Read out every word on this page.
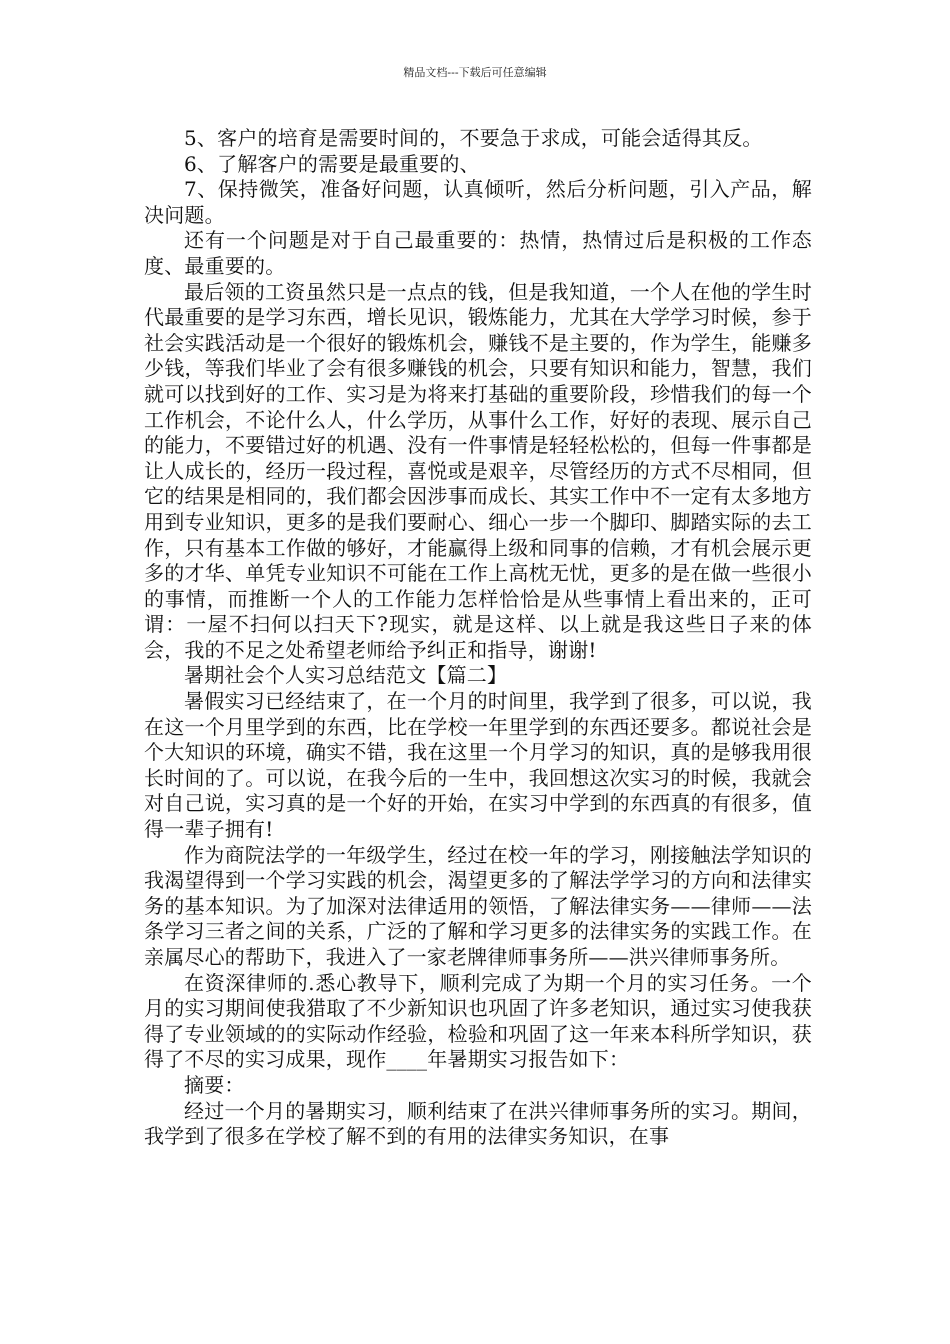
精品文档---下载后可任意编辑

5、客户的培育是需要时间的，不要急于求成，可能会适得其反。

6、了解客户的需要是最重要的、

7、保持微笑，准备好问题，认真倾听，然后分析问题，引入产品，解决问题。

还有一个问题是对于自己最重要的：热情，热情过后是积极的工作态度、最重要的。

最后领的工资虽然只是一点点的钱，但是我知道，一个人在他的学生时代最重要的是学习东西，增长见识，锻炼能力，尤其在大学学习时候，参于社会实践活动是一个很好的锻炼机会，赚钱不是主要的，作为学生，能赚多少钱，等我们毕业了会有很多赚钱的机会，只要有知识和能力，智慧，我们就可以找到好的工作、实习是为将来打基础的重要阶段，珍惜我们的每一个工作机会，不论什么人，什么学历，从事什么工作，好好的表现、展示自己的能力，不要错过好的机遇、没有一件事情是轻轻松松的，但每一件事都是让人成长的，经历一段过程，喜悦或是艰辛，尽管经历的方式不尽相同，但它的结果是相同的，我们都会因涉事而成长、其实工作中不一定有太多地方用到专业知识，更多的是我们要耐心、细心一步一个脚印、脚踏实际的去工作，只有基本工作做的够好，才能赢得上级和同事的信赖，才有机会展示更多的才华、单凭专业知识不可能在工作上高枕无忧，更多的是在做一些很小的事情，而推断一个人的工作能力怎样恰恰是从些事情上看出来的，正可谓：一屋不扫何以扫天下?现实，就是这样、以上就是我这些日子来的体会，我的不足之处希望老师给予纠正和指导，谢谢!

暑期社会个人实习总结范文【篇二】

暑假实习已经结束了，在一个月的时间里，我学到了很多，可以说，我在这一个月里学到的东西，比在学校一年里学到的东西还要多。都说社会是个大知识的环境，确实不错，我在这里一个月学习的知识，真的是够我用很长时间的了。可以说，在我今后的一生中，我回想这次实习的时候，我就会对自己说，实习真的是一个好的开始，在实习中学到的东西真的有很多，值得一辈子拥有!

作为商院法学的一年级学生，经过在校一年的学习，刚接触法学知识的我渴望得到一个学习实践的机会，渴望更多的了解法学学习的方向和法律实务的基本知识。为了加深对法律适用的领悟，了解法律实务——律师——法条学习三者之间的关系，广泛的了解和学习更多的法律实务的实践工作。在亲属尽心的帮助下，我进入了一家老牌律师事务所——洪兴律师事务所。

在资深律师的.悉心教导下，顺利完成了为期一个月的实习任务。一个月的实习期间使我猎取了不少新知识也巩固了许多老知识，通过实习使我获得了专业领域的的实际动作经验，检验和巩固了这一年来本科所学知识，获得了不尽的实习成果，现作____年暑期实习报告如下：

摘要：

经过一个月的暑期实习，顺利结束了在洪兴律师事务所的实习。期间，我学到了很多在学校了解不到的有用的法律实务知识，在事
